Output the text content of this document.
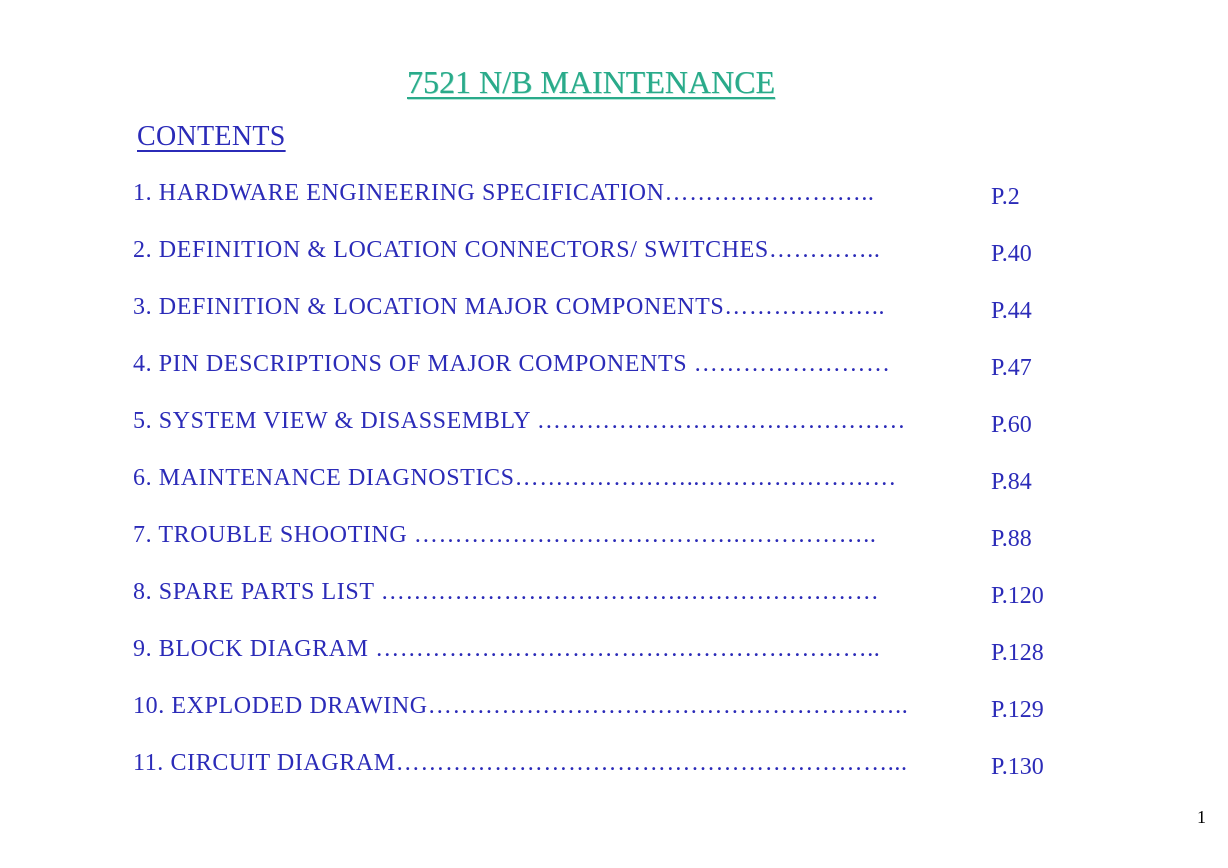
7521 N/B MAINTENANCE
CONTENTS
1. HARDWARE ENGINEERING SPECIFICATION……………………..	P.2
2. DEFINITION & LOCATION CONNECTORS/ SWITCHES…………..	P.40
3. DEFINITION & LOCATION MAJOR COMPONENTS………………..	P.44
4. PIN DESCRIPTIONS OF MAJOR COMPONENTS ……………………	P.47
5. SYSTEM VIEW & DISASSEMBLY ………………………………………	P.60
6. MAINTENANCE DIAGNOSTICS…………………..……………………	P.84
7. TROUBLE SHOOTING ………………………………….……………..	P.88
8. SPARE PARTS LIST ……………………………….……………………	P.120
9. BLOCK DIAGRAM ……………………………………………………..	P.128
10. EXPLODED DRAWING…………………………………………………..	P.129
11. CIRCUIT DIAGRAM……………………………………………………...	P.130
1
